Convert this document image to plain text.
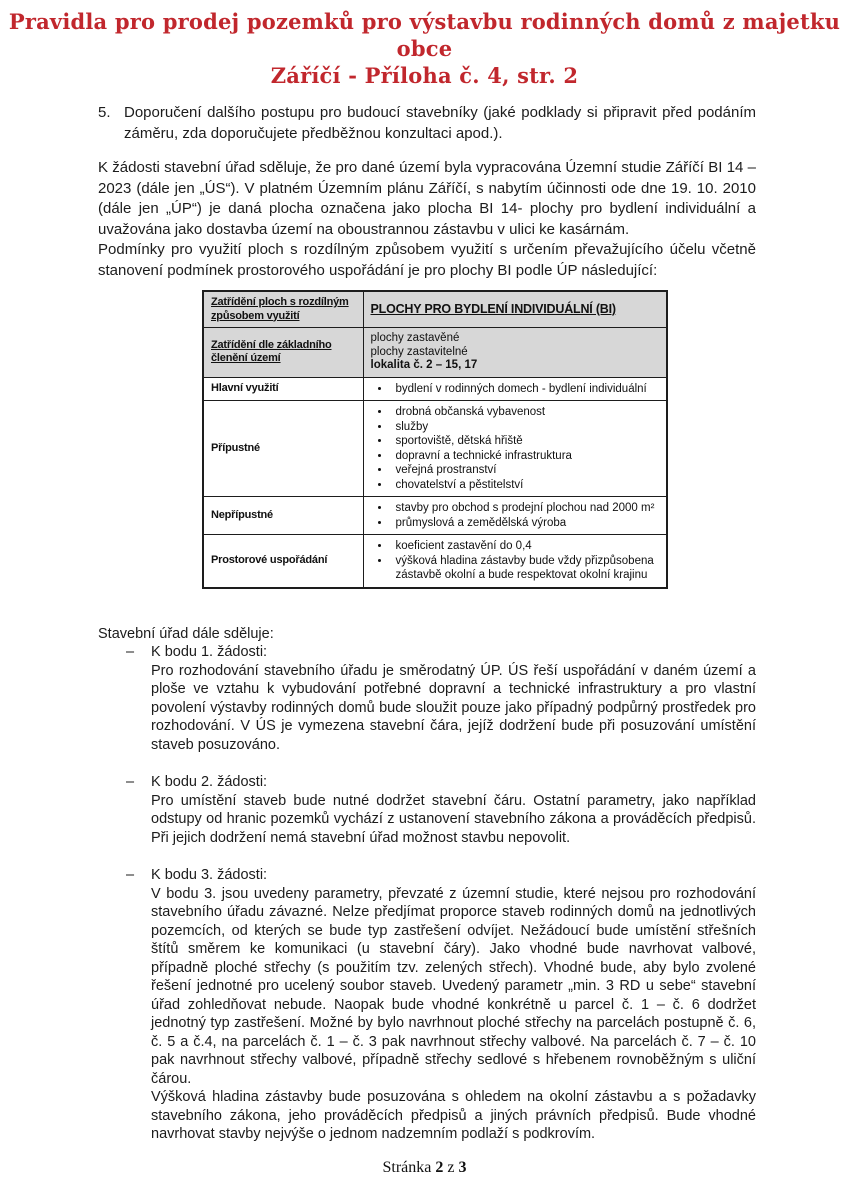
Pravidla pro prodej pozemků pro výstavbu rodinných domů z majetku obce
Záříčí - Příloha č. 4, str. 2
5. Doporučení dalšího postupu pro budoucí stavebníky (jaké podklady si připravit před podáním záměru, zda doporučujete předběžnou konzultaci apod.).

K žádosti stavební úřad sděluje, že pro dané území byla vypracována Územní studie Záříčí BI 14 – 2023 (dále jen „ÚS“). V platném Územním plánu Záříčí, s nabytím účinnosti ode dne 19. 10. 2010 (dále jen „ÚP“) je daná plocha označena jako plocha BI 14- plochy pro bydlení individuální a uvažována jako dostavba území na oboustrannou zástavbu v ulici ke kasárnám.

Podmínky pro využití ploch s rozdílným způsobem využití s určením převažujícího účelu včetně stanovení podmínek prostorového uspořádání je pro plochy BI podle ÚP následující:

Zatřídění ploch s rozdílným způsobem využití	PLOCHY PRO BYDLENÍ INDIVIDUÁLNÍ (BI)
Zatřídění dle základního členění území	plochy zastavěné
plochy zastavitelné
lokalita č. 2 – 15, 17

Hlavní využití	
•bydlení v rodinných domech - bydlení individuální

Přípustné	
• drobná občanská vybavenost
• služby
• sportoviště, dětská hřiště
• dopravní a technické infrastruktura
• veřejná prostranství
• chovatelství a pěstitelství

Nepřípustné	
• stavby pro obchod s prodejní plochou nad 2000 m²
• průmyslová a zemědělská výroba

Prostorové uspořádání	
• koeficient zastavění do 0,4
• výšková hladina zástavby bude vždy přizpůsobena zástavbě okolní a bude respektovat okolní krajinu
Stavební úřad dále sděluje:
–	K bodu 1. žádosti:

Pro rozhodování stavebního úřadu je směrodatný ÚP. ÚS řeší uspořádání v daném území a ploše ve vztahu k vybudování potřebné dopravní a technické infrastruktury a pro vlastní povolení výstavby rodinných domů bude sloužit pouze jako případný podpůrný prostředek pro rozhodování. V ÚS je vymezena stavební čára, jejíž dodržení bude při posuzování umístění staveb posuzováno.

–	K bodu 2. žádosti:

Pro umístění staveb bude nutné dodržet stavební čáru. Ostatní parametry, jako například odstupy od hranic pozemků vychází z ustanovení stavebního zákona a prováděcích předpisů. Při jejich dodržení nemá stavební úřad možnost stavbu nepovolit.

–	K bodu 3. žádosti:

V bodu 3. jsou uvedeny parametry, převzaté z územní studie, které nejsou pro rozhodování stavebního úřadu závazné. Nelze předjímat proporce staveb rodinných domů na jednotlivých pozemcích, od kterých se bude typ zastřešení odvíjet. Nežádoucí bude umístění střešních štítů směrem ke komunikaci (u stavební čáry). Jako vhodné bude navrhovat valbové, případně ploché střechy (s použitím tzv. zelených střech). Vhodné bude, aby bylo zvolené řešení jednotné pro ucelený soubor staveb. Uvedený parametr „min. 3 RD u sebe“ stavební úřad zohledňovat nebude. Naopak bude vhodné konkrétně u parcel č. 1 – č. 6 dodržet jednotný typ zastřešení. Možné by bylo navrhnout ploché střechy na parcelách postupně č. 6, č. 5 a č.4, na parcelách č. 1 – č. 3 pak navrhnout střechy valbové. Na parcelách č. 7 – č. 10 pak navrhnout střechy valbové, případně střechy sedlové s hřebenem rovnoběžným s uliční čárou.

Výšková hladina zástavby bude posuzována s ohledem na okolní zástavbu a s požadavky stavebního zákona, jeho prováděcích předpisů a jiných právních předpisů. Bude vhodné navrhovat stavby nejvýše o jednom nadzemním podlaží s podkrovím.

Stránka 2 z 3
